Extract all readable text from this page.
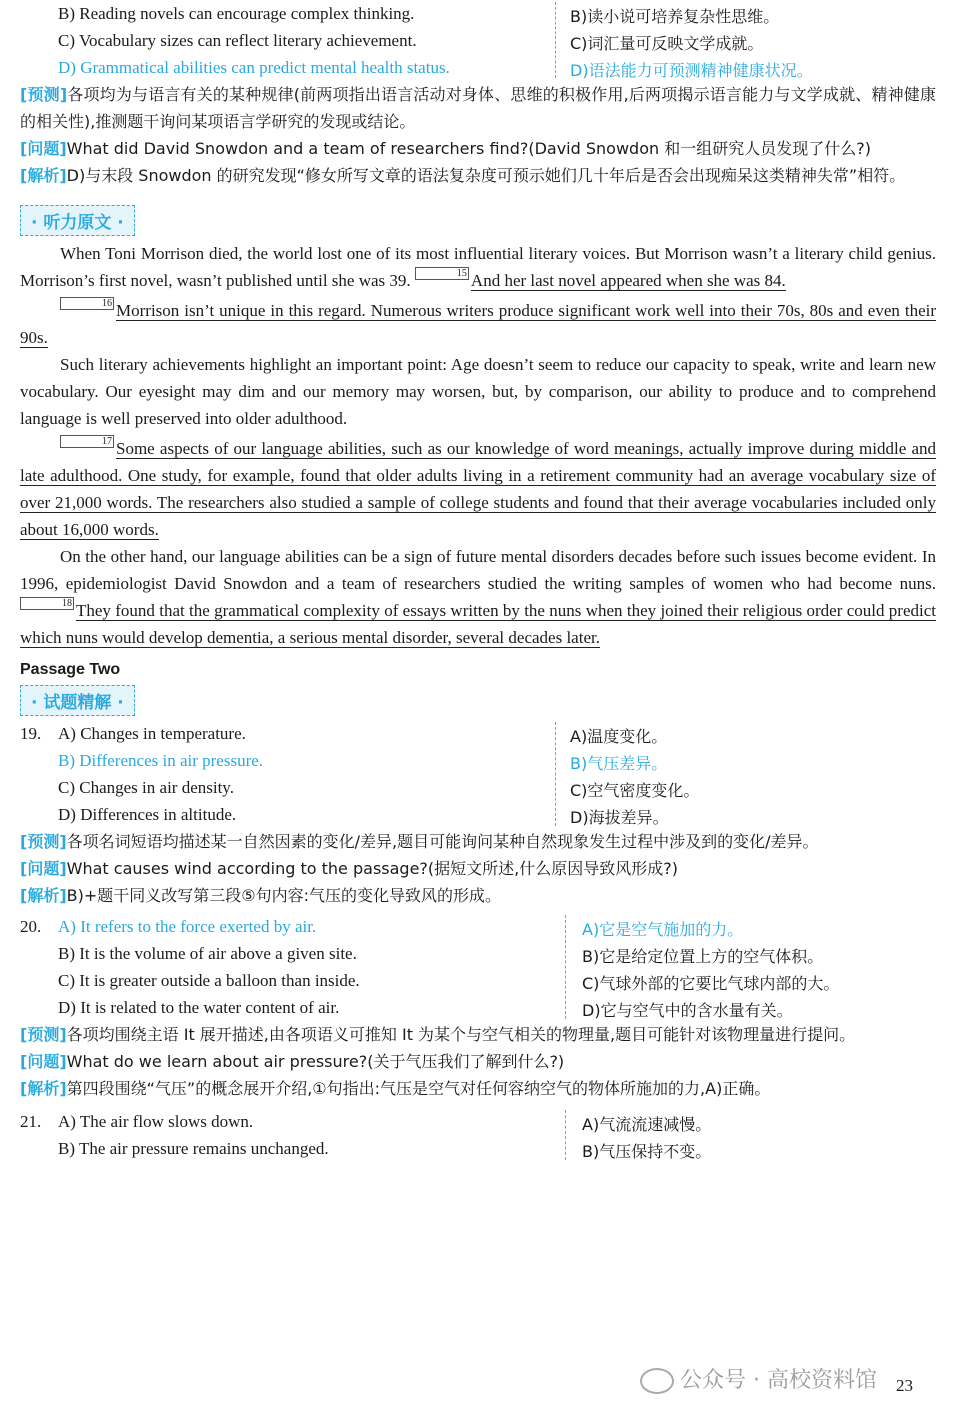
B) Reading novels can encourage complex thinking.	B)读小说可培养复杂性思维。
C) Vocabulary sizes can reflect literary achievement.	C)词汇量可反映文学成就。
D) Grammatical abilities can predict mental health status.	D)语法能力可预测精神健康状况。

[预测]各项均为与语言有关的某种规律(前两项指出语言活动对身体、思维的积极作用,后两项揭示语言能力与文学成就、精神健康的相关性),推测题干询问某项语言学研究的发现或结论。

[问题]What did David Snowdon and a team of researchers find?(David Snowdon 和一组研究人员发现了什么?)

[解析]D)与末段 Snowdon 的研究发现“修女所写文章的语法复杂度可预示她们几十年后是否会出现痴呆这类精神失常”相符。

· 听力原文 ·

When Toni Morrison died, the world lost one of its most influential literary voices. But Morrison wasn’t a literary child genius. Morrison’s first novel, wasn’t published until she was 39.	15 And her last novel appeared when she was 84.

16 Morrison isn’t unique in this regard. Numerous writers produce significant work well into their 70s, 80s and even their 90s.

Such literary achievements highlight an important point: Age doesn’t seem to reduce our capacity to speak, write and learn new vocabulary. Our eyesight may dim and our memory may worsen, but, by comparison, our ability to produce and to comprehend language is well preserved into older adulthood.

17 Some aspects of our language abilities, such as our knowledge of word meanings, actually improve during middle and late adulthood. One study, for example, found that older adults living in a retirement community had an average vocabulary size of over 21,000 words. The researchers also studied a sample of college students and found that their average vocabularies included only about 16,000 words.

On the other hand, our language abilities can be a sign of future mental disorders decades before such issues become evident. In 1996, epidemiologist David Snowdon and a team of researchers studied the writing samples of women who had become nuns. 18 They found that the grammatical complexity of essays written by the nuns when they joined their religious order could predict which nuns would develop dementia, a serious mental disorder, several decades later.

Passage Two
· 试题精解 ·
19. A) Changes in temperature.	A)温度变化。
B) Differences in air pressure.	B)气压差异。
C) Changes in air density.	C)空气密度变化。
D) Differences in altitude.	D)海拔差异。

[预测]各项名词短语均描述某一自然因素的变化/差异,题目可能询问某种自然现象发生过程中涉及到的变化/差异。

[问题]What causes wind according to the passage?(据短文所述,什么原因导致风形成?)

[解析]B)+题干同义改写第三段⑤句内容:气压的变化导致风的形成。

20. A) It refers to the force exerted by air.	A)它是空气施加的力。
B) It is the volume of air above a given site.	B)它是给定位置上方的空气体积。
C) It is greater outside a balloon than inside.	C)气球外部的它要比气球内部的大。
D) It is related to the water content of air.	D)它与空气中的含水量有关。

[预测]各项均围绕主语 It 展开描述,由各项语义可推知 It 为某个与空气相关的物理量,题目可能针对该物理量进行提问。

[问题]What do we learn about air pressure?(关于气压我们了解到什么?)

[解析]第四段围绕“气压”的概念展开介绍,①句指出:气压是空气对任何容纳空气的物体所施加的力,A)正确。

21. A) The air flow slows down.	A)气流流速减慢。
B) The air pressure remains unchanged.	B)气压保持不变。
公众号 · 高校资料馆 23
